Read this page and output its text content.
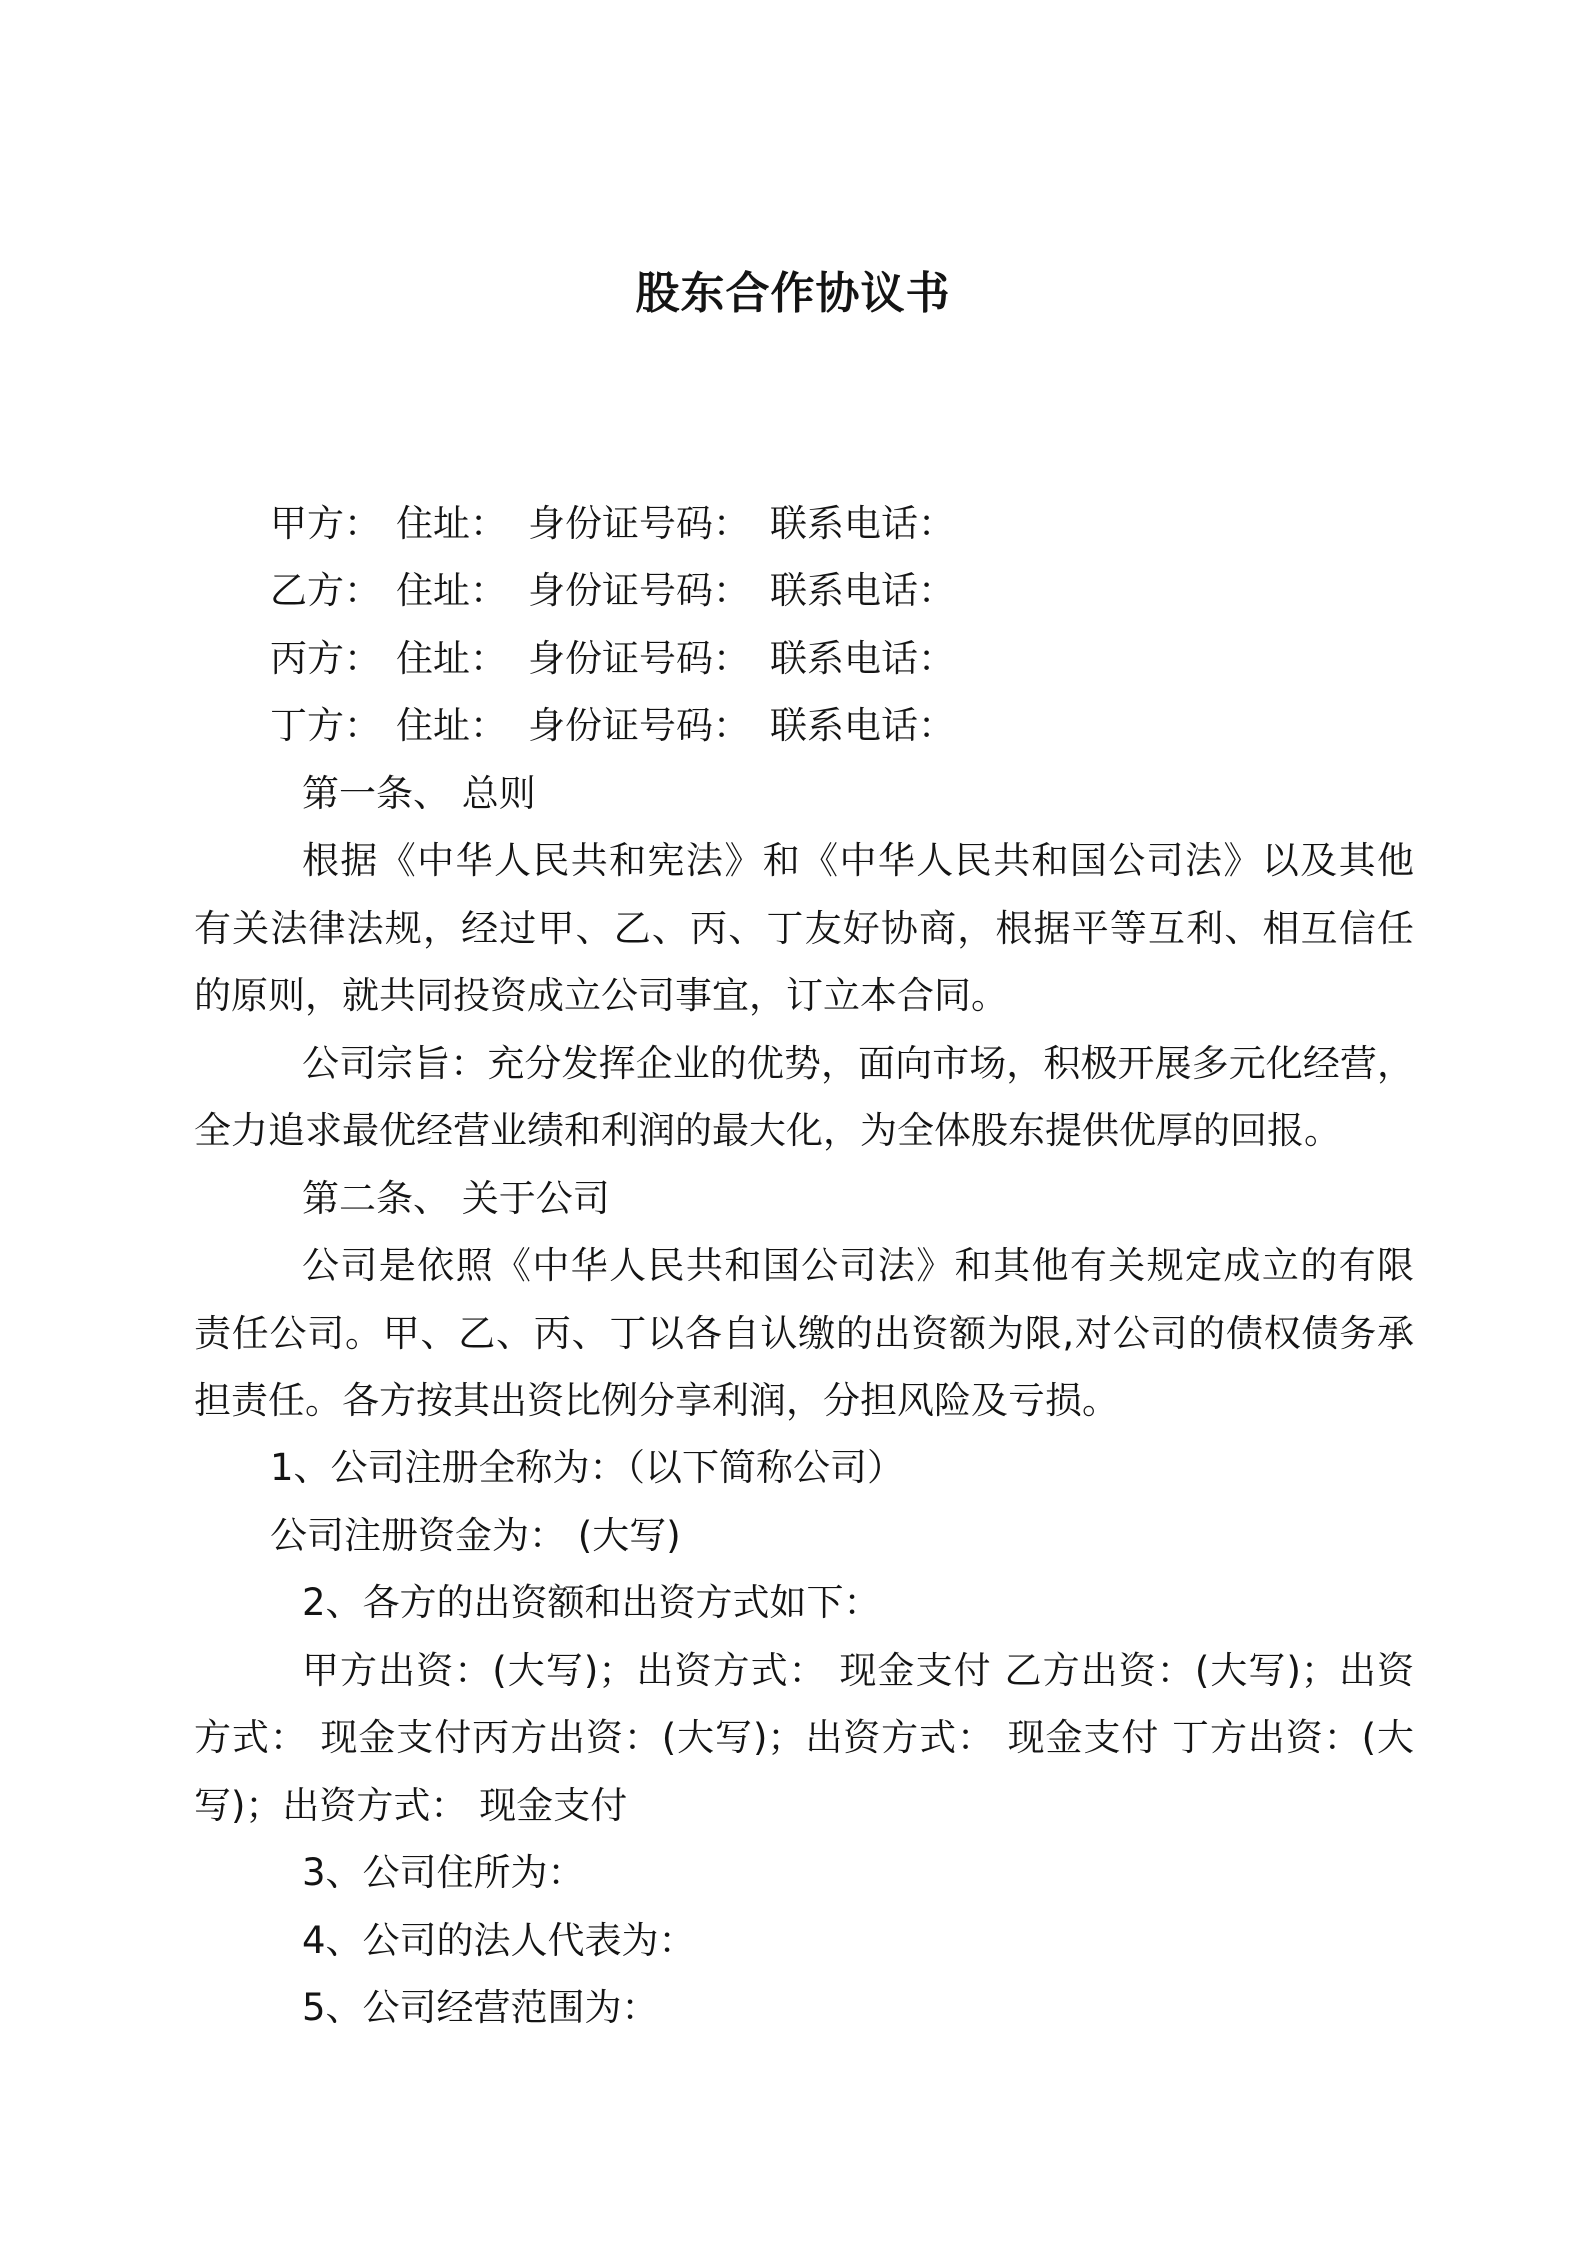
股东合作协议书
甲方： 住址： 身份证号码： 联系电话：
乙方： 住址： 身份证号码： 联系电话：
丙方： 住址： 身份证号码： 联系电话：
丁方： 住址： 身份证号码： 联系电话：
第一条、 总则
根据《中华人民共和宪法》和《中华人民共和国公司法》以及其他
有关法律法规，经过甲、乙、丙、丁友好协商，根据平等互利、相互信任
的原则，就共同投资成立公司事宜，订立本合同。
公司宗旨：充分发挥企业的优势，面向市场，积极开展多元化经营，
全力追求最优经营业绩和利润的最大化，为全体股东提供优厚的回报。
第二条、 关于公司
公司是依照《中华人民共和国公司法》和其他有关规定成立的有限
责任公司。甲、乙、丙、丁以各自认缴的出资额为限,对公司的债权债务承
担责任。各方按其出资比例分享利润，分担风险及亏损。
1、公司注册全称为：（以下简称公司）
公司注册资金为： (大写)
2、各方的出资额和出资方式如下：
甲方出资：(大写)；出资方式： 现金支付 乙方出资：(大写)；出资
方式： 现金支付丙方出资：(大写)；出资方式： 现金支付 丁方出资：(大
写)；出资方式： 现金支付
3、公司住所为：
4、公司的法人代表为：
5、公司经营范围为：
